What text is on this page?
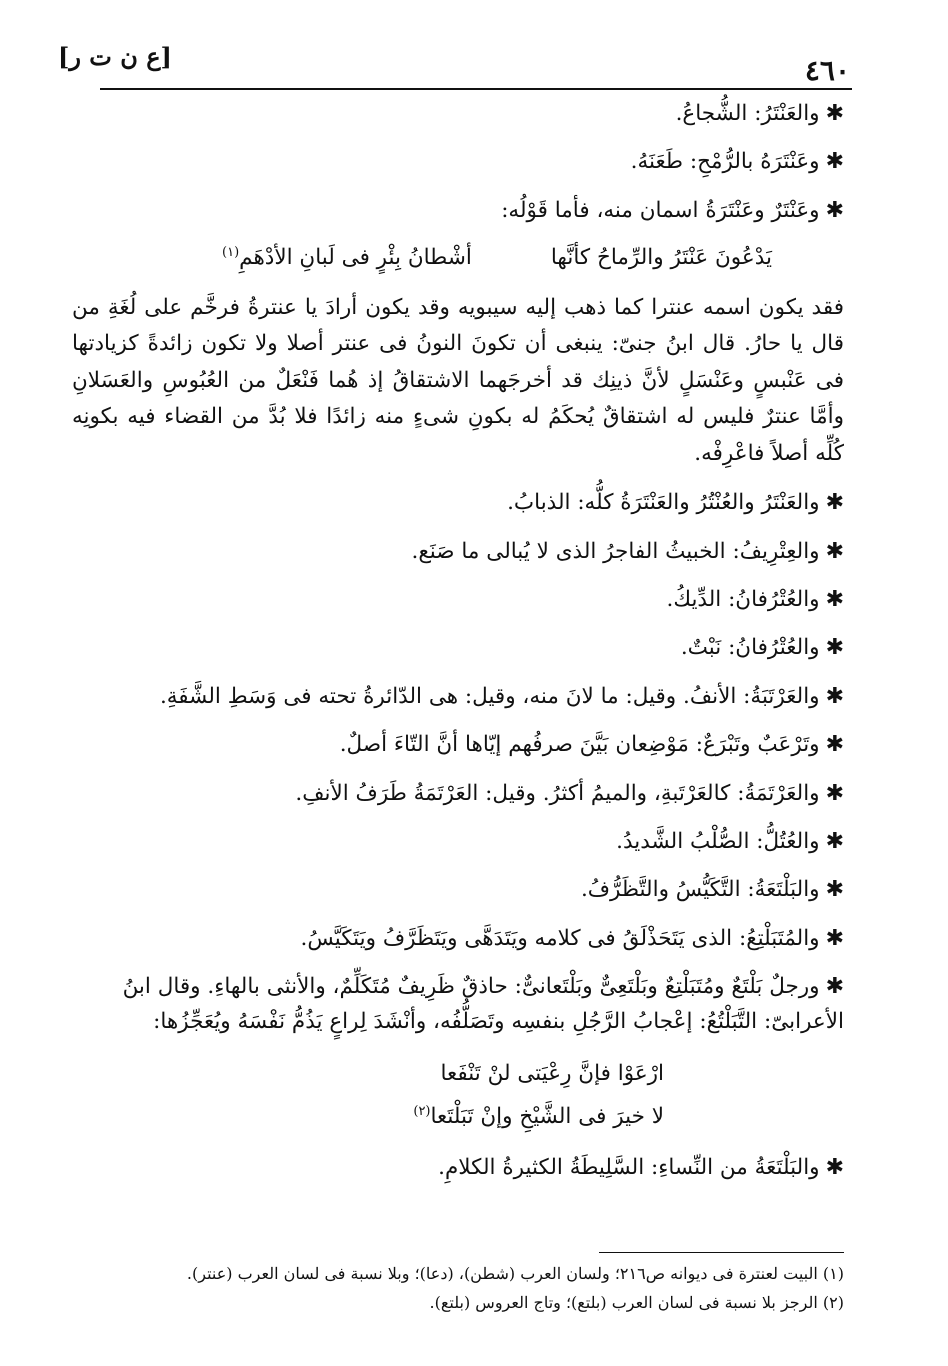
[ع ن ت ر]	٤٦٠
✱والعَنْتَرُ: الشُّجاعُ.
✱وعَنْتَرَهُ بالرُّمْحِ: طَعَنَهُ.
✱وعَنْتَرٌ وعَنْتَرَةُ اسمان منه، فأما قَوْلُه:
يَدْعُونَ عَنْتَرُ والرِّماحُ كأنَّها
أشْطانُ بِئْرٍ فى لَبانِ الأدْهَمِ$^{(١)}$
فقد يكون اسمه عنترا كما ذهب إليه سيبويه وقد يكون أرادَ يا عنترةُ فرخَّم على لُغَةِ من قال يا حارُ. قال ابنُ جنىّ: ينبغى أن تكونَ النونُ فى عنتر أصلا ولا تكون زائدةً كزيادتها فى عَنْبسٍ وعَنْسَلٍ لأنَّ ذينِك قد أخرجَهما الاشتقاقُ إذ هُما فَنْعَلٌ من العُبُوسِ والعَسَلانِ وأمَّا عنترٌ فليس له اشتقاقٌ يُحكَمُ له بكونِ شىءٍ منه زائدًا فلا بُدَّ من القضاء فيه بكونِه كُلِّه أصلاً فاعْرِفْه.
✱والعَنْتَرُ والعُنْتُرُ والعَنْتَرَةُ كلُّه: الذبابُ.
✱والعِتْرِيفُ: الخبيثُ الفاجرُ الذى لا يُبالى ما صَنَع.
✱والعُتْرُفانُ: الدِّيكُ.
✱والعُتْرُفانُ: نَبْتٌ.
✱والعَرْتَبَةُ: الأنفُ. وقيل: ما لانَ منه، وقيل: هى الدّائرةُ تحته فى وَسَطِ الشَّفَةِ.
✱وتَرْعَبٌ وتَبْرَعٌ: مَوْضِعان بَيَّنَ صرفُهم إيّاها أنَّ التّاءَ أصلٌ.
✱والعَرْتَمَةُ: كالعَرْتَبةِ، والميمُ أكثرُ. وقيل: العَرْتَمَةُ طَرَفُ الأنفِ.
✱والعُتُلُّ: الصُّلْبُ الشَّديدُ.
✱والبَلْتَعَةُ: التَّكَيُّسُ والتَّظَرُّفُ.
✱والمُتَبَلْتِعُ: الذى يَتَحَذْلَقُ فى كلامه ويَتَدَهَّى ويَتَظَرَّفُ ويَتَكَيَّسُ.
✱ورجلٌ بَلْتَعٌ ومُتَبَلْتِعٌ وبَلْتَعِىٌّ وبَلْتَعانىٌّ: حاذقٌ ظَرِيفٌ مُتَكَلِّمٌ، والأنثى بالهاءِ. وقال ابنُ الأعرابىّ: التَّبَلْتُعُ: إعْجابُ الرَّجُلِ بنفسِه وتَصَلُّفُه، وأنْشَدَ لِراعٍ يَذُمُّ نَفْسَهُ ويُعَجِّزُها:
ارْعَوْا فإنَّ رِعْيَتى لنْ تَنْفَعا
لا خيرَ فى الشَّيْخِ وإنْ تَبَلْتَعا$^{(٢)}$
✱والبَلْتَعَةُ من النِّساءِ: السَّلِيطَةُ الكثيرةُ الكلامِ.
(١) البيت لعنترة فى ديوانه ص٢١٦؛ ولسان العرب (شطن)، (دعا)؛ وبلا نسبة فى لسان العرب (عنتر).
(٢) الرجز بلا نسبة فى لسان العرب (بلتع)؛ وتاج العروس (بلتع).
